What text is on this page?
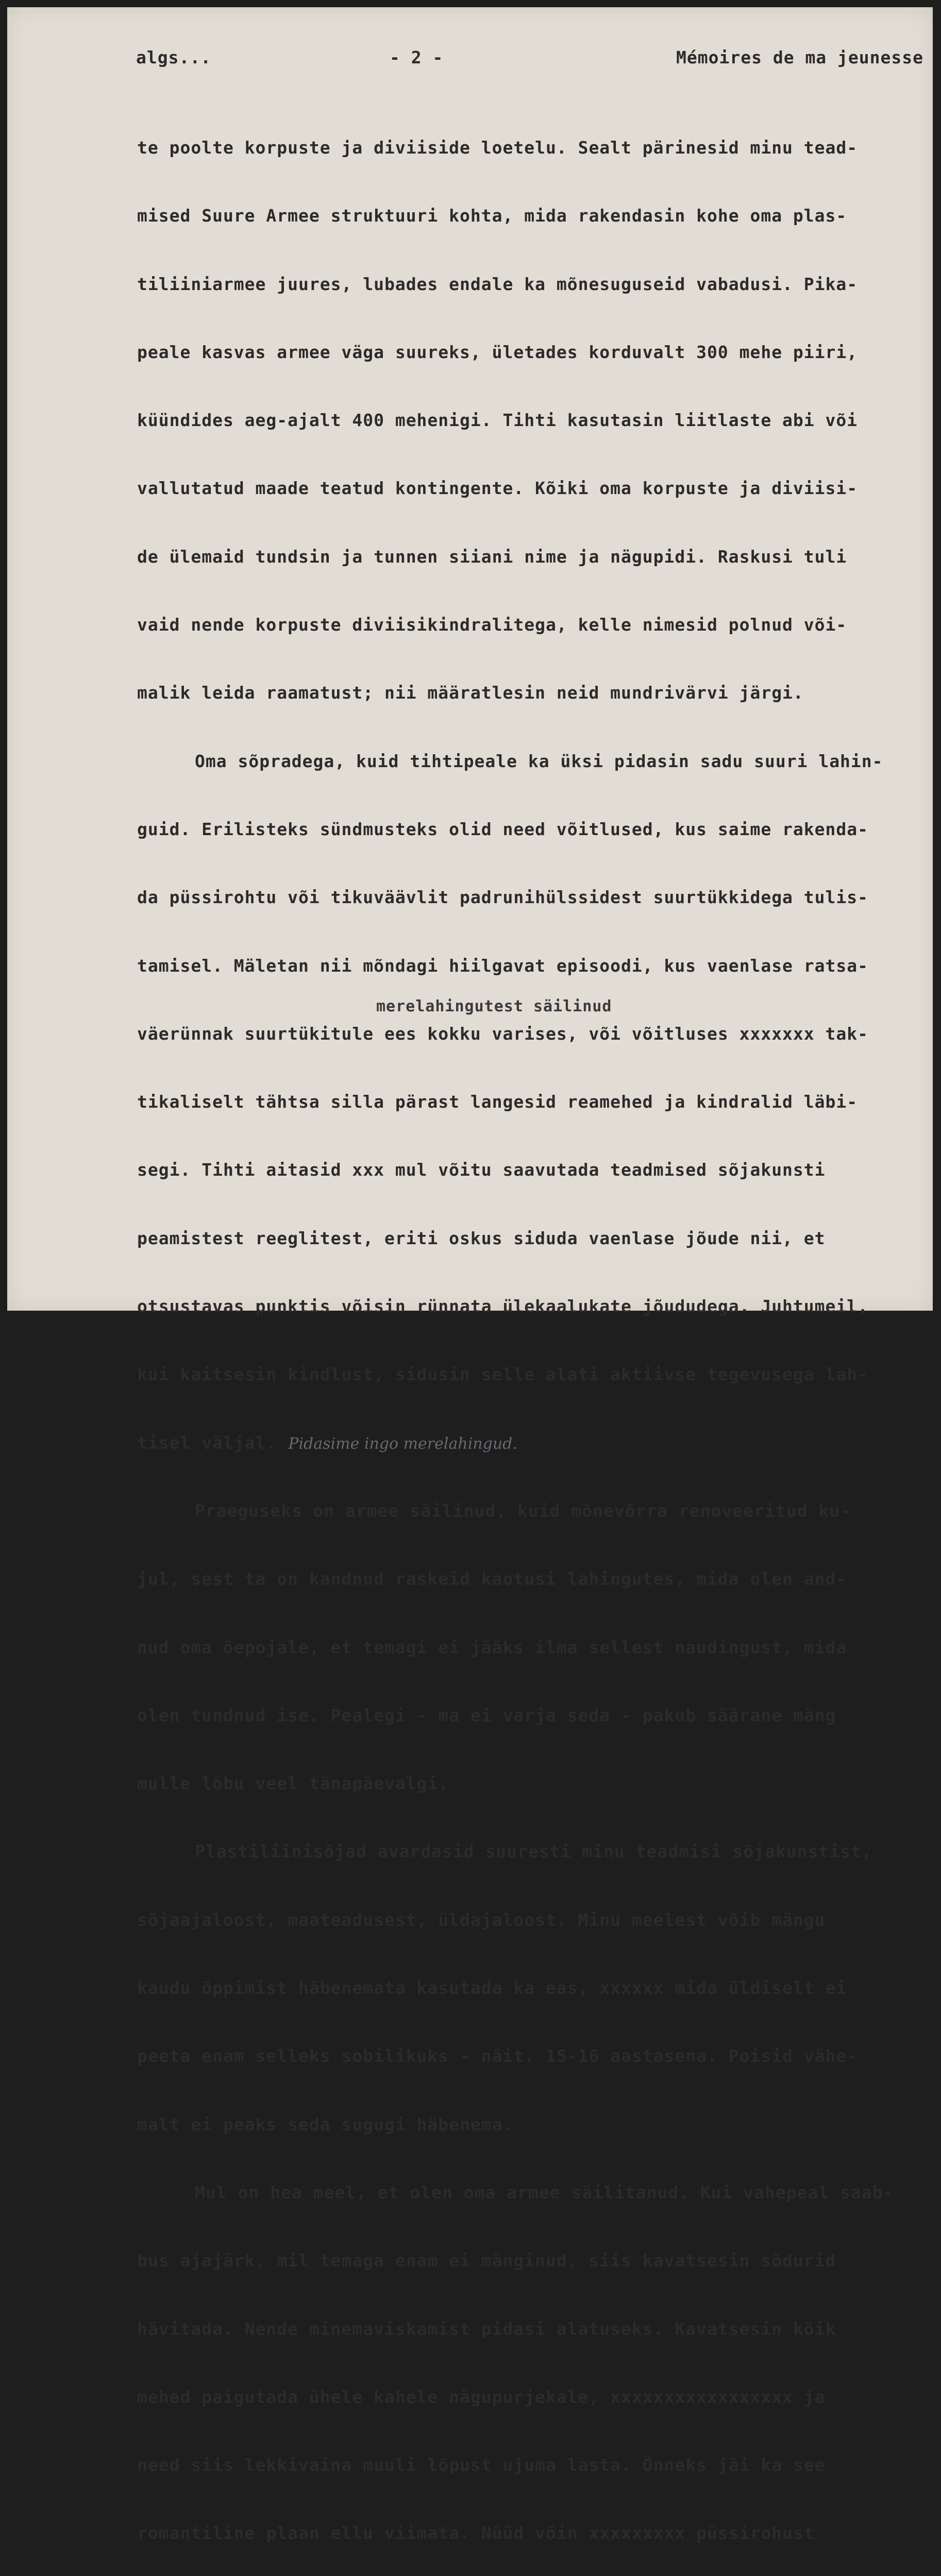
algs...	- 2 -	Mémoires de ma jeunesse

te poolte korpuste ja diviiside loetelu. Sealt pärinesid minu tead-

mised Suure Armee struktuuri kohta, mida rakendasin kohe oma plas-

tiliiniarmee juures, lubades endale ka mõnesuguseid vabadusi. Pika-

peale kasvas armee väga suureks, ületades korduvalt 300 mehe piiri,

küündides aeg-ajalt 400 mehenigi. Tihti kasutasin liitlaste abi või

vallutatud maade teatud kontingente. Kõiki oma korpuste ja diviisi-

de ülemaid tundsin ja tunnen siiani nime ja nägupidi. Raskusi tuli

vaid nende korpuste diviisikindralitega, kelle nimesid polnud või-

malik leida raamatust; nii määratlesin neid mundrivärvi järgi.

Oma sõpradega, kuid tihtipeale ka üksi pidasin sadu suuri lahin-

guid. Erilisteks sündmusteks olid need võitlused, kus saime rakenda-

da püssirohtu või tikuväävlit padrunihülssidest suurtükkidega tulis-

tamisel. Mäletan nii mõndagi hiilgavat episoodi, kus vaenlase ratsa-

väerünnak suurtükitule ees kokku varises, või võitluses xxxxxxx tak-

tikaliselt tähtsa silla pärast langesid reamehed ja kindralid läbi-

segi. Tihti aitasid xxx mul võitu saavutada teadmised sõjakunsti

peamistest reeglitest, eriti oskus siduda vaenlase jõude nii, et

otsustavas punktis võisin rünnata ülekaalukate jõududega. Juhtumeil,

kui kaitsesin kindlust, sidusin selle alati aktiivse tegevusega lah-

tisel väljal. Pidasime ingo merelahingud.

Praeguseks on armee säilinud, kuid mõnevõrra renoveeritud ku-

jul, sest ta on kandnud raskeid kaotusi lahingutes, mida olen and-

nud oma õepojale, et temagi ei jääks ilma sellest naudingust, mida

olen tundnud ise. Pealegi - ma ei varja seda - pakub säärane mäng

mulle lõbu veel tänapäevalgi.

Plastiliinisõjad avardasid suuresti minu teadmisi sõjakunstist,

sõjaajaloost, maateadusest, üldajaloost. Minu meelest võib mängu

kaudu õppimist häbenemata kasutada ka eas, xxxxxx mida üldiselt ei

peeta enam selleks sobilikuks - näit. 15-16 aastasena. Poisid vähe-

malt ei peaks seda sugugi häbenema.

Mul on hea meel, et olen oma armee säilitanud. Kui vahepeal saab-

bus ajajärk, mil temaga enam ei mänginud, siis kavatsesin sõdurid

hävitada. Nende minemaviskamist pidasi alatuseks. Kavatsesin kõik

mehed paigutada ühele kahele nägupurjekale, xxxxxxxxxxxxxxxxx ja

need siis lekkivaina muuli lõpust ujuma lasta. Õnneks jäi ka see

romantiline plaan ellu viimata. Nüüd võin xxxxxxxxx püssirohust

merelahingutest säilinud
